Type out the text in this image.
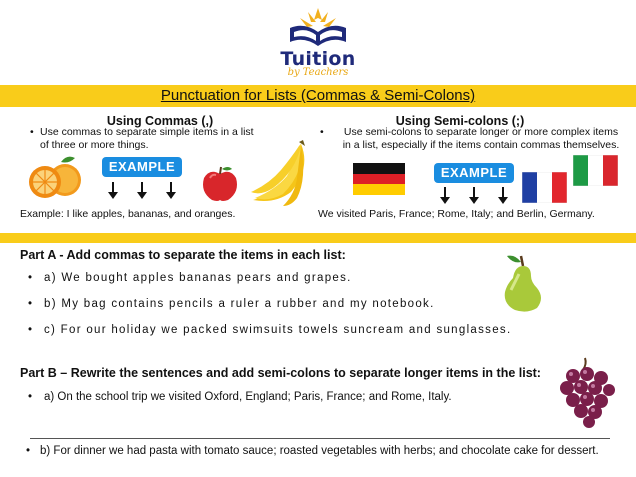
Tuition
by Teachers
Punctuation for Lists (Commas & Semi-Colons)
Using Commas (,)
• Use commas to separate simple items in a list of three or more things.
EXAMPLE
Example: I like apples, bananas, and oranges.
Using Semi-colons (;)
• Use semi-colons to separate longer or more complex items in a list, especially if the items contain commas themselves.
EXAMPLE
We visited Paris, France; Rome, Italy; and Berlin, Germany.
Part A - Add commas to separate the items in each list:
• a) We bought apples bananas pears and grapes.
• b) My bag contains pencils a ruler a rubber and my notebook.
• c) For our holiday we packed swimsuits towels suncream and sunglasses.
Part B – Rewrite the sentences and add semi-colons to separate longer items in the list:
• a) On the school trip we visited Oxford, England; Paris, France; and Rome, Italy.
• b) For dinner we had pasta with tomato sauce; roasted vegetables with herbs; and chocolate cake for dessert.
